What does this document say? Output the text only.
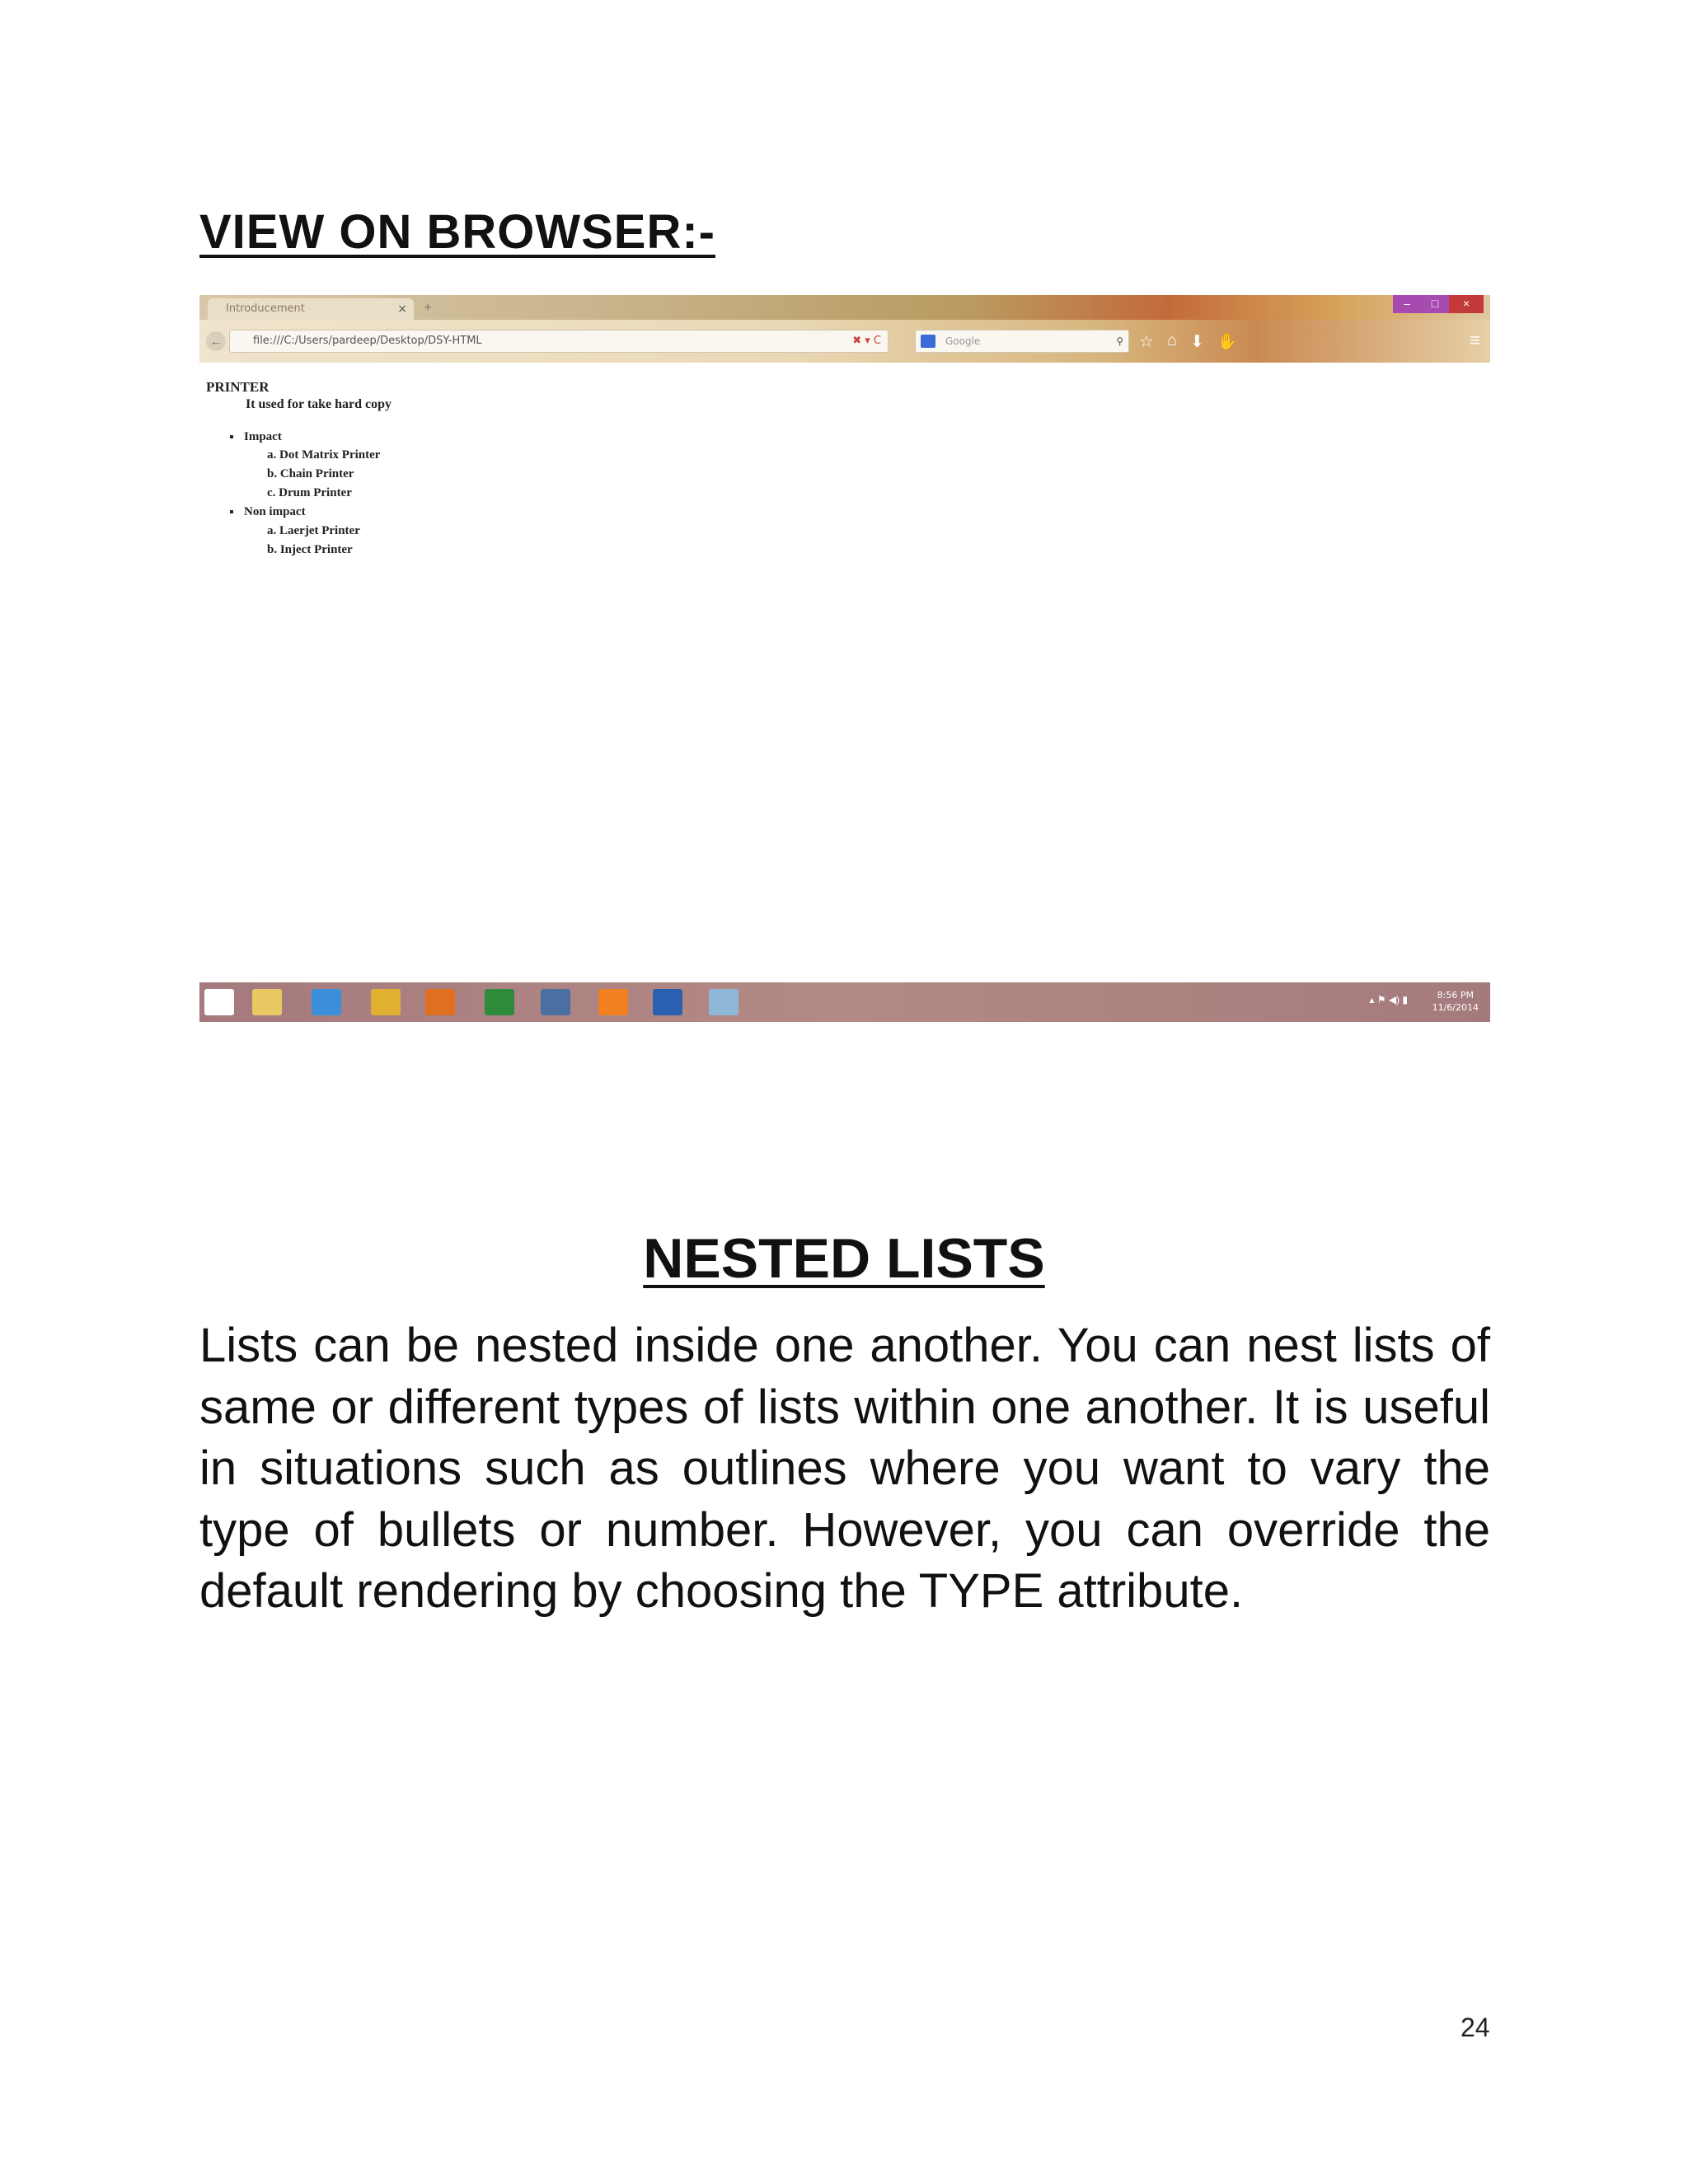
VIEW ON BROWSER:-
Introducement	×	+	–	□	×
←	file:///C:/Users/pardeep/Desktop/DSY-HTML	✖ ▾ C	Google	⚲ ☆ ⌂ ⬇ ✋	≡
PRINTER
It used for take hard copy
▪ Impact
a. Dot Matrix Printer
b. Chain Printer
c. Drum Printer
▪ Non impact
a. Laerjet Printer
b. Inject Printer
▴ ⚑ ◀) ▮	8:56 PM
11/6/2014
NESTED LISTS
Lists can be nested inside one another. You can nest lists of same or different types of lists within one another. It is useful in situations such as outlines where you want to vary the type of bullets or number. However, you can override the default rendering by choosing the TYPE attribute.
24
